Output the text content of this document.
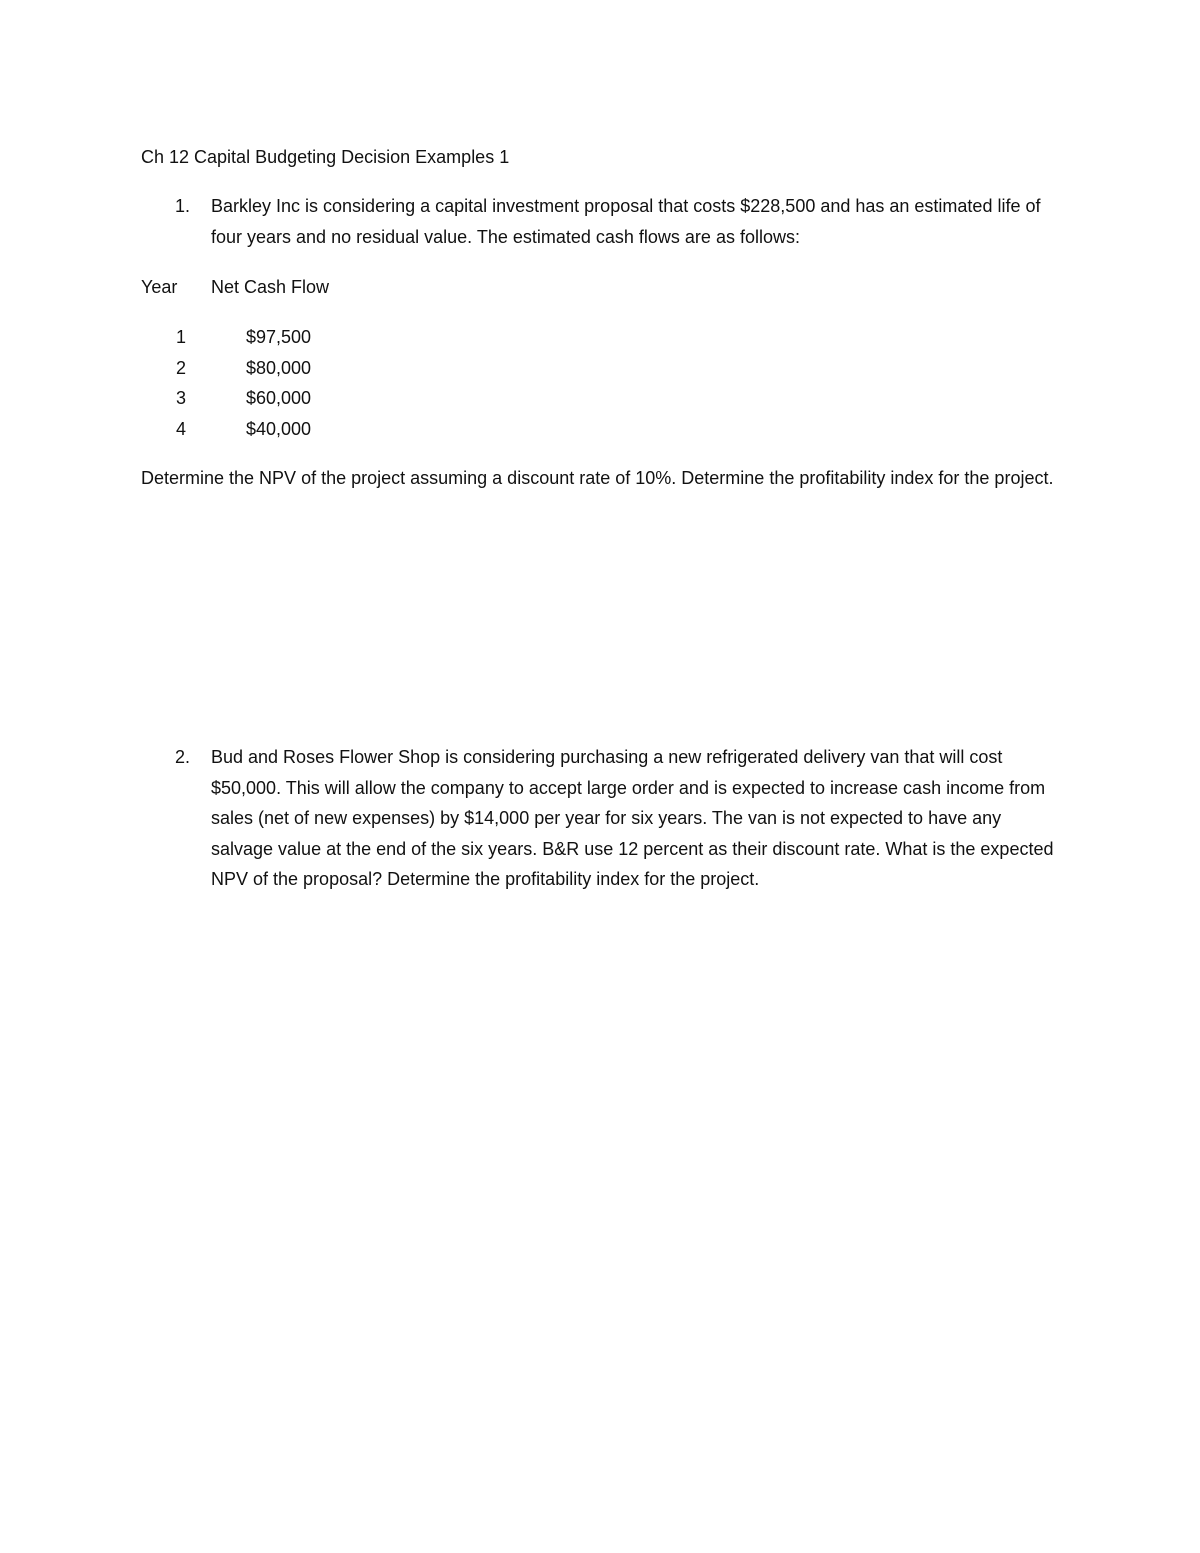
Ch 12 Capital Budgeting Decision Examples 1
1. Barkley Inc is considering a capital investment proposal that costs $228,500 and has an estimated life of four years and no residual value. The estimated cash flows are as follows:
Year	Net Cash Flow
1	$97,500
2	$80,000
3	$60,000
4	$40,000

Determine the NPV of the project assuming a discount rate of 10%. Determine the profitability index for the project.

2. Bud and Roses Flower Shop is considering purchasing a new refrigerated delivery van that will cost $50,000. This will allow the company to accept large order and is expected to increase cash income from sales (net of new expenses) by $14,000 per year for six years. The van is not expected to have any salvage value at the end of the six years. B&R use 12 percent as their discount rate. What is the expected NPV of the proposal? Determine the profitability index for the project.
